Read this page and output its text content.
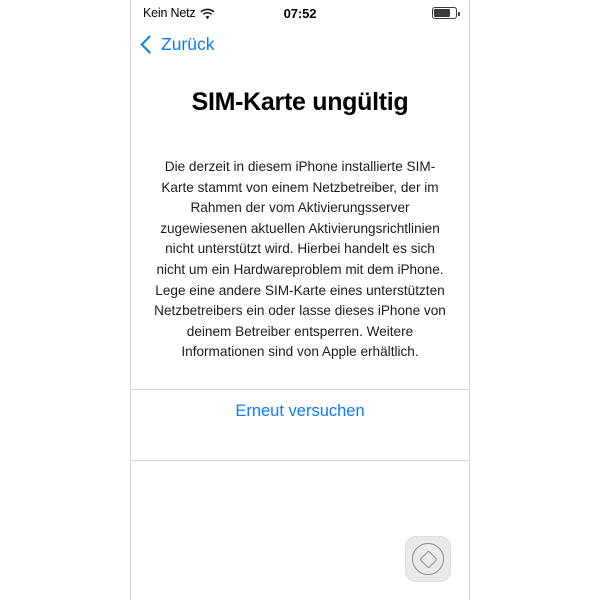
Kein Netz	07:52
Zurück
SIM-Karte ungültig
Die derzeit in diesem iPhone installierte SIM-Karte stammt von einem Netzbetreiber, der im Rahmen der vom Aktivierungsserver zugewiesenen aktuellen Aktivierungsrichtlinien nicht unterstützt wird. Hierbei handelt es sich nicht um ein Hardwareproblem mit dem iPhone. Lege eine andere SIM-Karte eines unterstützten Netzbetreibers ein oder lasse dieses iPhone von deinem Betreiber entsperren. Weitere Informationen sind von Apple erhältlich.
Erneut versuchen
